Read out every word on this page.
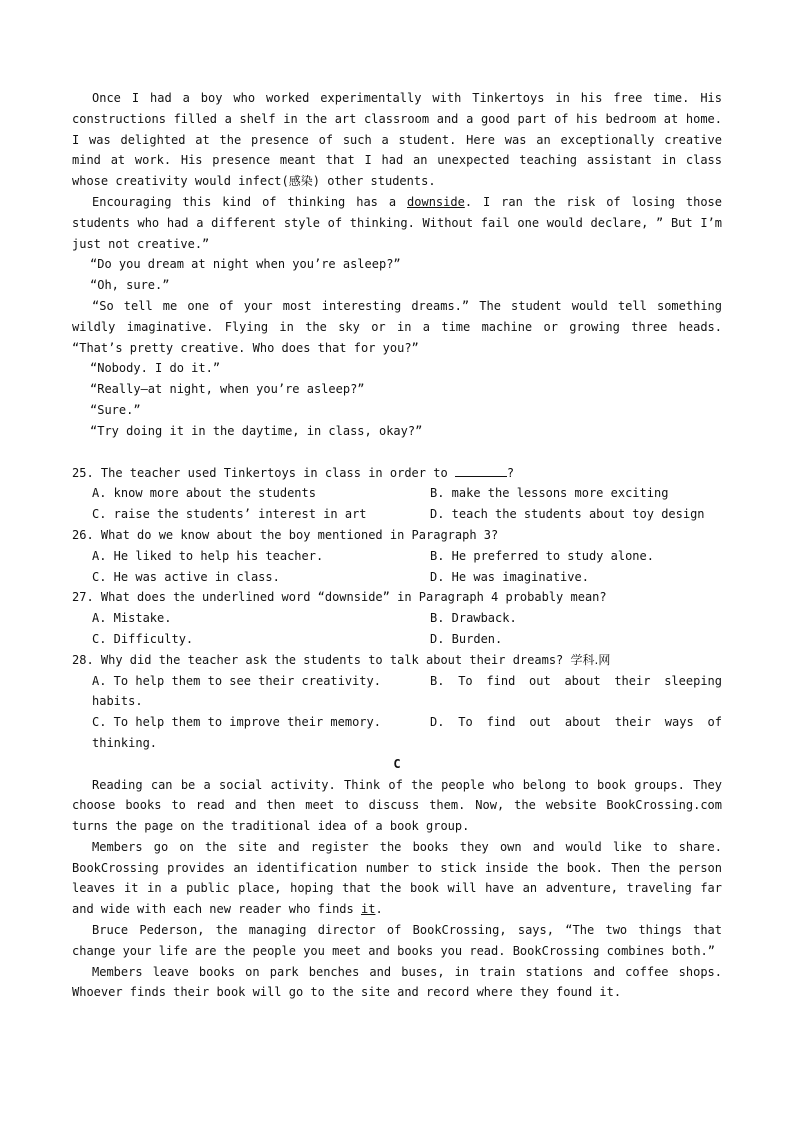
Once I had a boy who worked experimentally with Tinkertoys in his free time. His constructions filled a shelf in the art classroom and a good part of his bedroom at home. I was delighted at the presence of such a student. Here was an exceptionally creative mind at work. His presence meant that I had an unexpected teaching assistant in class whose creativity would infect(感染) other students.

Encouraging this kind of thinking has a downside. I ran the risk of losing those students who had a different style of thinking. Without fail one would declare, ” But I’m just not creative.”

“Do you dream at night when you’re asleep?”

“Oh, sure.”

“So tell me one of your most interesting dreams.” The student would tell something wildly imaginative. Flying in the sky or in a time machine or growing three heads. “That’s pretty creative. Who does that for you?”

“Nobody. I do it.”

“Really—at night, when you’re asleep?”

“Sure.”

“Try doing it in the daytime, in class, okay?”

25. The teacher used Tinkertoys in class in order to	?

A. know more about the students	B. make the lessons more exciting
C. raise the students’ interest in art	D. teach the students about toy design

26. What do we know about the boy mentioned in Paragraph 3?

A. He liked to help his teacher.	B. He preferred to study alone.
C. He was active in class.	D. He was imaginative.

27. What does the underlined word “downside” in Paragraph 4 probably mean?

A. Mistake.	B. Drawback.
C. Difficulty.	D. Burden.

28. Why did the teacher ask the students to talk about their dreams? 学科.网

A. To help them to see their creativity.	B. To find out about their sleeping habits.

C. To help them to improve their memory.	D. To find out about their ways of thinking.

C

Reading can be a social activity. Think of the people who belong to book groups. They choose books to read and then meet to discuss them. Now, the website BookCrossing.com turns the page on the traditional idea of a book group.

Members go on the site and register the books they own and would like to share. BookCrossing provides an identification number to stick inside the book. Then the person leaves it in a public place, hoping that the book will have an adventure, traveling far and wide with each new reader who finds it.

Bruce Pederson, the managing director of BookCrossing, says, “The two things that change your life are the people you meet and books you read. BookCrossing combines both.”

Members leave books on park benches and buses, in train stations and coffee shops. Whoever finds their book will go to the site and record where they found it.
